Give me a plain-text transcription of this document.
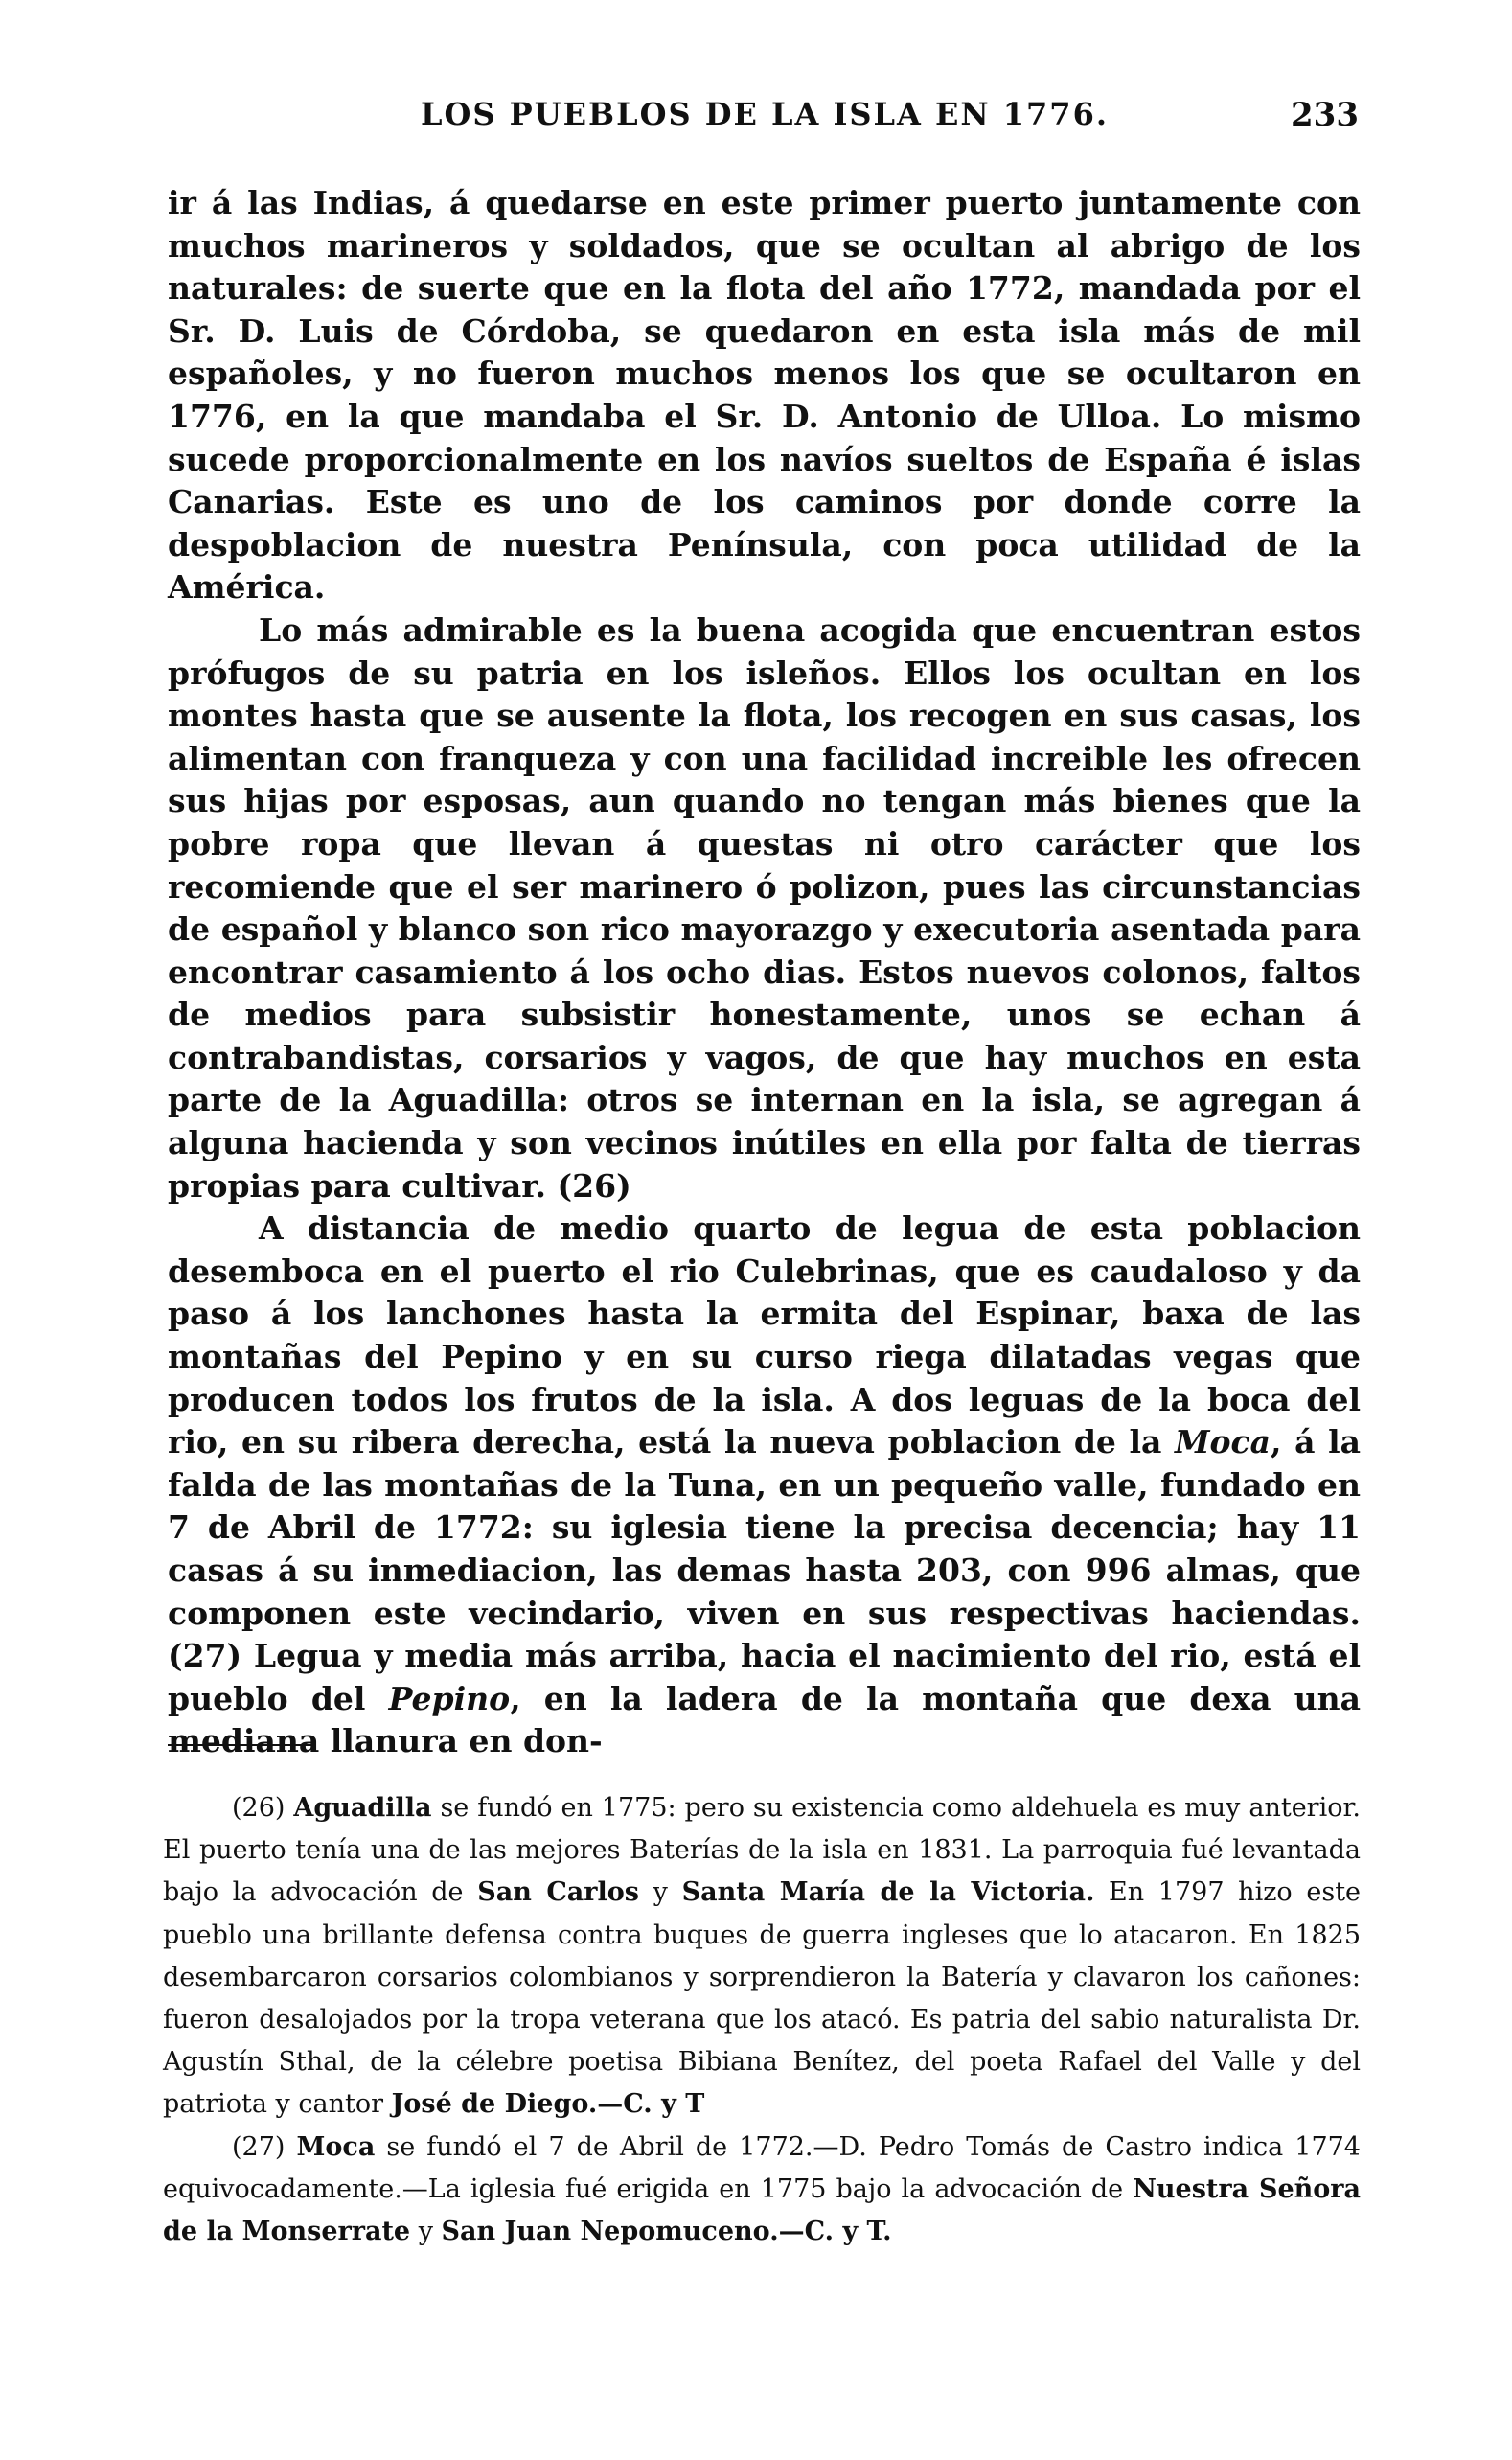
LOS PUEBLOS DE LA ISLA EN 1776.	233

ir á las Indias, á quedarse en este primer puerto juntamente con muchos marineros y soldados, que se ocultan al abrigo de los naturales: de suerte que en la flota del año 1772, mandada por el Sr. D. Luis de Córdoba, se quedaron en esta isla más de mil españoles, y no fueron muchos menos los que se ocultaron en 1776, en la que mandaba el Sr. D. Antonio de Ulloa. Lo mismo sucede proporcionalmente en los navíos sueltos de España é islas Canarias. Este es uno de los caminos por donde corre la despoblacion de nuestra Península, con poca utilidad de la América.

Lo más admirable es la buena acogida que encuentran estos prófugos de su patria en los isleños. Ellos los ocultan en los montes hasta que se ausente la flota, los recogen en sus casas, los alimentan con franqueza y con una facilidad increible les ofrecen sus hijas por esposas, aun quando no tengan más bienes que la pobre ropa que llevan á questas ni otro carácter que los recomiende que el ser marinero ó polizon, pues las circunstancias de español y blanco son rico mayorazgo y executoria asentada para encontrar casamiento á los ocho dias. Estos nuevos colonos, faltos de medios para subsistir honestamente, unos se echan á contrabandistas, corsarios y vagos, de que hay muchos en esta parte de la Aguadilla: otros se internan en la isla, se agregan á alguna hacienda y son vecinos inútiles en ella por falta de tierras propias para cultivar. (26)

A distancia de medio quarto de legua de esta poblacion desemboca en el puerto el rio Culebrinas, que es caudaloso y da paso á los lanchones hasta la ermita del Espinar, baxa de las montañas del Pepino y en su curso riega dilatadas vegas que producen todos los frutos de la isla. A dos leguas de la boca del rio, en su ribera derecha, está la nueva poblacion de la Moca, á la falda de las montañas de la Tuna, en un pequeño valle, fundado en 7 de Abril de 1772: su iglesia tiene la precisa decencia; hay 11 casas á su inmediacion, las demas hasta 203, con 996 almas, que componen este vecindario, viven en sus respectivas haciendas. (27) Legua y media más arriba, hacia el nacimiento del rio, está el pueblo del Pepino, en la ladera de la montaña que dexa una mediana llanura en don-

(26) Aguadilla se fundó en 1775: pero su existencia como aldehuela es muy anterior. El puerto tenía una de las mejores Baterías de la isla en 1831. La parroquia fué levantada bajo la advocación de San Carlos y Santa María de la Victoria. En 1797 hizo este pueblo una brillante defensa contra buques de guerra ingleses que lo atacaron. En 1825 desembarcaron corsarios colombianos y sorprendieron la Batería y clavaron los cañones: fueron desalojados por la tropa veterana que los atacó. Es patria del sabio naturalista Dr. Agustín Sthal, de la célebre poetisa Bibiana Benítez, del poeta Rafael del Valle y del patriota y cantor José de Diego.—C. y T

(27) Moca se fundó el 7 de Abril de 1772.—D. Pedro Tomás de Castro indica 1774 equivocadamente.—La iglesia fué erigida en 1775 bajo la advocación de Nuestra Señora de la Monserrate y San Juan Nepomuceno.—C. y T.
